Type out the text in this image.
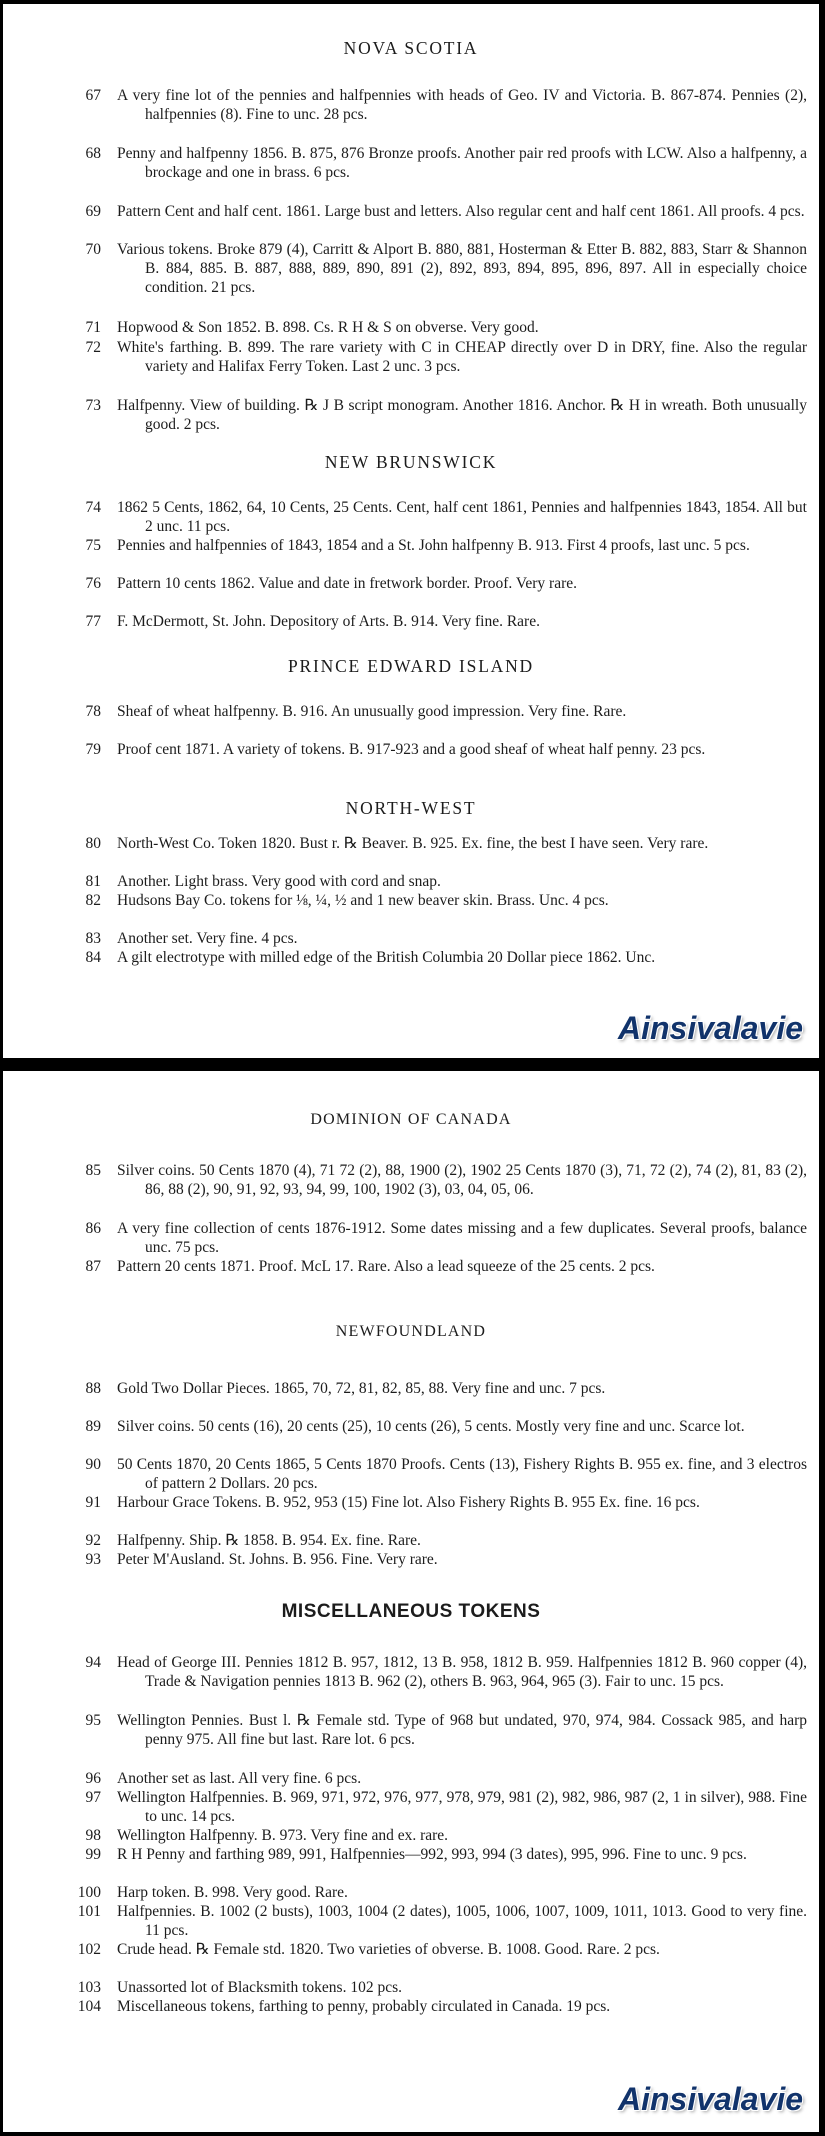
NOVA SCOTIA
67 A very fine lot of the pennies and halfpennies with heads of Geo. IV and Victoria. B. 867-874. Pennies (2), halfpennies (8). Fine to unc. 28 pcs.
68 Penny and halfpenny 1856. B. 875, 876 Bronze proofs. Another pair red proofs with LCW. Also a halfpenny, a brockage and one in brass. 6 pcs.
69 Pattern Cent and half cent. 1861. Large bust and letters. Also regular cent and half cent 1861. All proofs. 4 pcs.
70 Various tokens. Broke 879 (4), Carritt & Alport B. 880, 881, Hosterman & Etter B. 882, 883, Starr & Shannon B. 884, 885. B. 887, 888, 889, 890, 891 (2), 892, 893, 894, 895, 896, 897. All in especially choice condition. 21 pcs.
71 Hopwood & Son 1852. B. 898. Cs. R H & S on obverse. Very good.
72 White's farthing. B. 899. The rare variety with C in CHEAP directly over D in DRY, fine. Also the regular variety and Halifax Ferry Token. Last 2 unc. 3 pcs.
73 Halfpenny. View of building. ℞ J B script monogram. Another 1816. Anchor. ℞ H in wreath. Both unusually good. 2 pcs.
NEW BRUNSWICK
74 1862 5 Cents, 1862, 64, 10 Cents, 25 Cents. Cent, half cent 1861, Pennies and halfpennies 1843, 1854. All but 2 unc. 11 pcs.
75 Pennies and halfpennies of 1843, 1854 and a St. John halfpenny B. 913. First 4 proofs, last unc. 5 pcs.
76 Pattern 10 cents 1862. Value and date in fretwork border. Proof. Very rare.
77 F. McDermott, St. John. Depository of Arts. B. 914. Very fine. Rare.
PRINCE EDWARD ISLAND
78 Sheaf of wheat halfpenny. B. 916. An unusually good impression. Very fine. Rare.
79 Proof cent 1871. A variety of tokens. B. 917-923 and a good sheaf of wheat half penny. 23 pcs.
NORTH-WEST
80 North-West Co. Token 1820. Bust r. ℞ Beaver. B. 925. Ex. fine, the best I have seen. Very rare.
81 Another. Light brass. Very good with cord and snap.
82 Hudsons Bay Co. tokens for ⅛, ¼, ½ and 1 new beaver skin. Brass. Unc. 4 pcs.
83 Another set. Very fine. 4 pcs.
84 A gilt electrotype with milled edge of the British Columbia 20 Dollar piece 1862. Unc.
Ainsivalavie
DOMINION OF CANADA
85 Silver coins. 50 Cents 1870 (4), 71 72 (2), 88, 1900 (2), 1902 25 Cents 1870 (3), 71, 72 (2), 74 (2), 81, 83 (2), 86, 88 (2), 90, 91, 92, 93, 94, 99, 100, 1902 (3), 03, 04, 05, 06.
86 A very fine collection of cents 1876-1912. Some dates missing and a few duplicates. Several proofs, balance unc. 75 pcs.
87 Pattern 20 cents 1871. Proof. McL 17. Rare. Also a lead squeeze of the 25 cents. 2 pcs.
NEWFOUNDLAND
88 Gold Two Dollar Pieces. 1865, 70, 72, 81, 82, 85, 88. Very fine and unc. 7 pcs.
89 Silver coins. 50 cents (16), 20 cents (25), 10 cents (26), 5 cents. Mostly very fine and unc. Scarce lot.
90 50 Cents 1870, 20 Cents 1865, 5 Cents 1870 Proofs. Cents (13), Fishery Rights B. 955 ex. fine, and 3 electros of pattern 2 Dollars. 20 pcs.
91 Harbour Grace Tokens. B. 952, 953 (15) Fine lot. Also Fishery Rights B. 955 Ex. fine. 16 pcs.
92 Halfpenny. Ship. ℞ 1858. B. 954. Ex. fine. Rare.
93 Peter M'Ausland. St. Johns. B. 956. Fine. Very rare.
MISCELLANEOUS TOKENS
94 Head of George III. Pennies 1812 B. 957, 1812, 13 B. 958, 1812 B. 959. Halfpennies 1812 B. 960 copper (4), Trade & Navigation pennies 1813 B. 962 (2), others B. 963, 964, 965 (3). Fair to unc. 15 pcs.
95 Wellington Pennies. Bust l. ℞ Female std. Type of 968 but undated, 970, 974, 984. Cossack 985, and harp penny 975. All fine but last. Rare lot. 6 pcs.
96 Another set as last. All very fine. 6 pcs.
97 Wellington Halfpennies. B. 969, 971, 972, 976, 977, 978, 979, 981 (2), 982, 986, 987 (2, 1 in silver), 988. Fine to unc. 14 pcs.
98 Wellington Halfpenny. B. 973. Very fine and ex. rare.
99 R H Penny and farthing 989, 991, Halfpennies—992, 993, 994 (3 dates), 995, 996. Fine to unc. 9 pcs.
100 Harp token. B. 998. Very good. Rare.
101 Halfpennies. B. 1002 (2 busts), 1003, 1004 (2 dates), 1005, 1006, 1007, 1009, 1011, 1013. Good to very fine. 11 pcs.
102 Crude head. ℞ Female std. 1820. Two varieties of obverse. B. 1008. Good. Rare. 2 pcs.
103 Unassorted lot of Blacksmith tokens. 102 pcs.
104 Miscellaneous tokens, farthing to penny, probably circulated in Canada. 19 pcs.
Ainsivalavie
